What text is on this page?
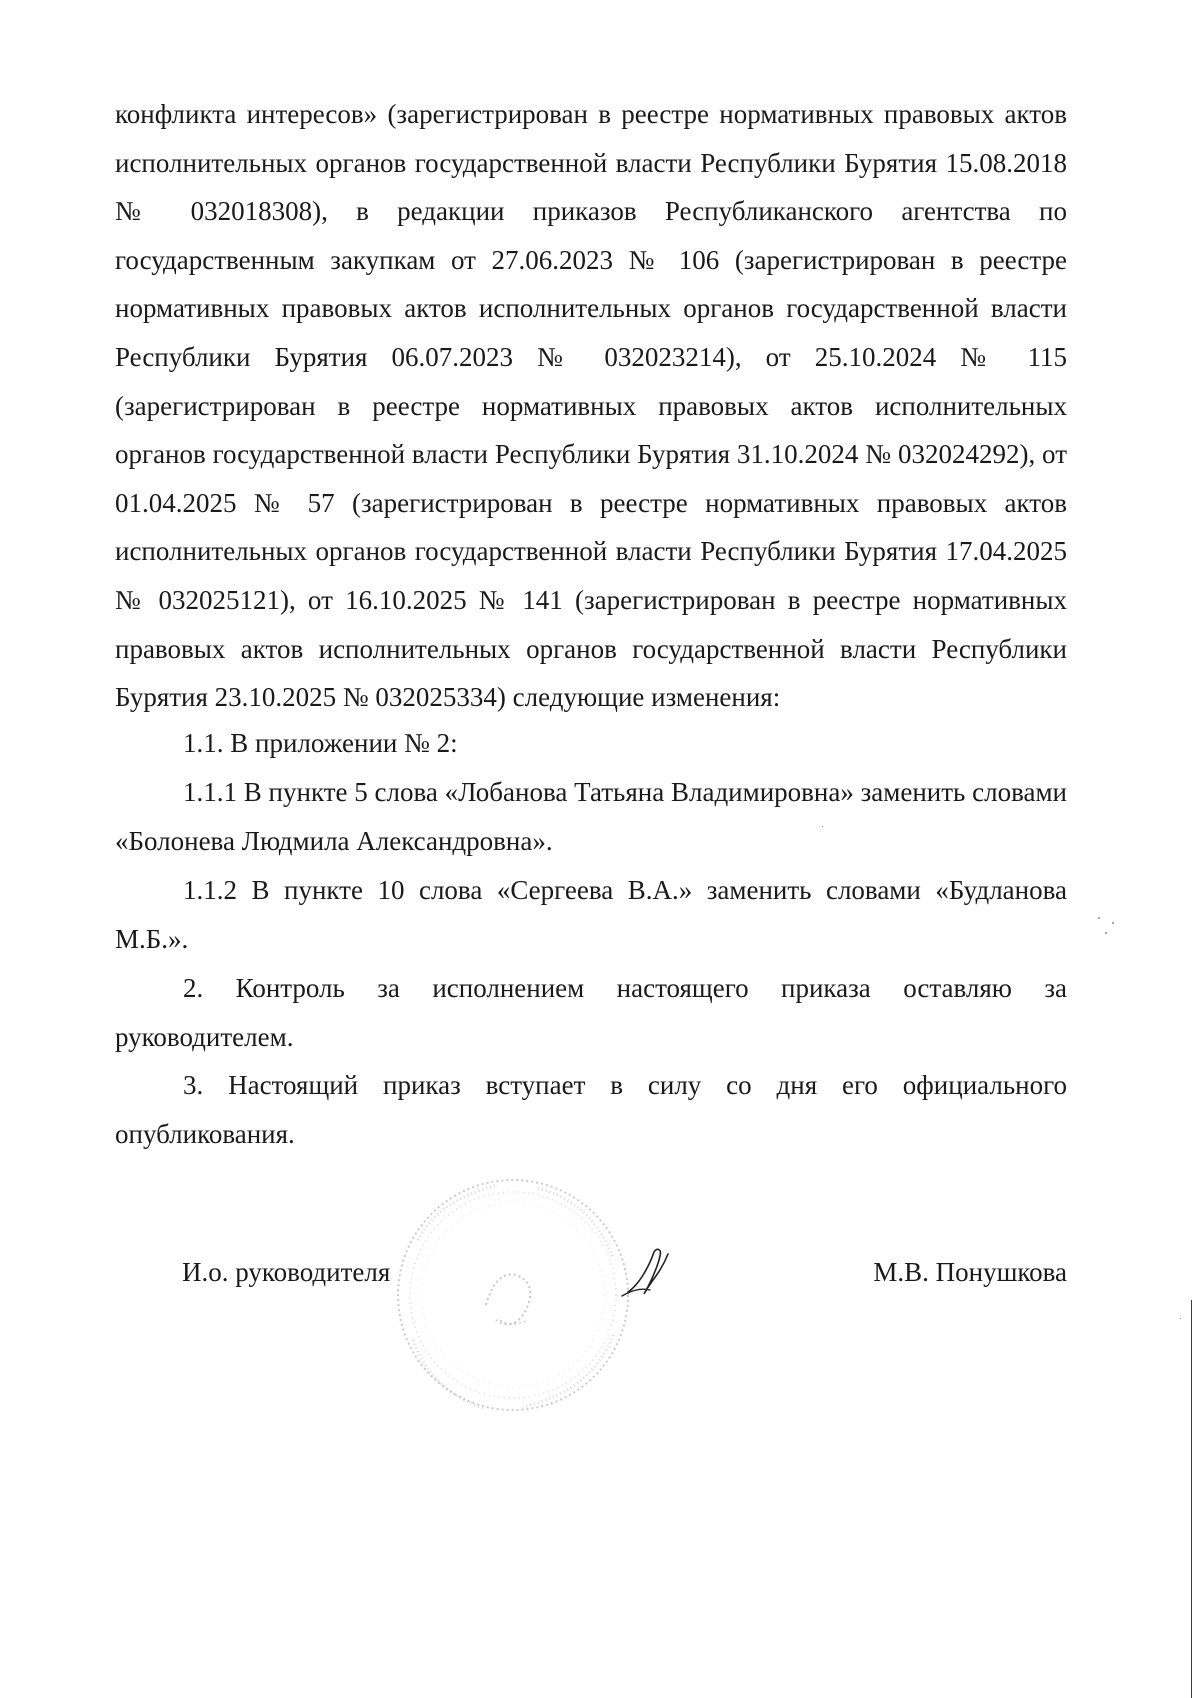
конфликта интересов» (зарегистрирован в реестре нормативных правовых актов исполнительных органов государственной власти Республики Бурятия 15.08.2018 № 032018308), в редакции приказов Республиканского агентства по государственным закупкам от 27.06.2023 № 106 (зарегистрирован в реестре нормативных правовых актов исполнительных органов государственной власти Республики Бурятия 06.07.2023 № 032023214), от 25.10.2024 № 115 (зарегистрирован в реестре нормативных правовых актов исполнительных органов государственной власти Республики Бурятия 31.10.2024 № 032024292), от 01.04.2025 № 57 (зарегистрирован в реестре нормативных правовых актов исполнительных органов государственной власти Республики Бурятия 17.04.2025 № 032025121), от 16.10.2025 № 141 (зарегистрирован в реестре нормативных правовых актов исполнительных органов государственной власти Республики Бурятия 23.10.2025 № 032025334) следующие изменения:

1.1. В приложении № 2:

1.1.1 В пункте 5 слова «Лобанова Татьяна Владимировна» заменить словами «Болонева Людмила Александровна».

1.1.2 В пункте 10 слова «Сергеева В.А.» заменить словами «Будланова М.Б.».

2. Контроль за исполнением настоящего приказа оставляю за руководителем.

3. Настоящий приказ вступает в силу со дня его официального опубликования.

И.о. руководителя	М.В. Понушкова
